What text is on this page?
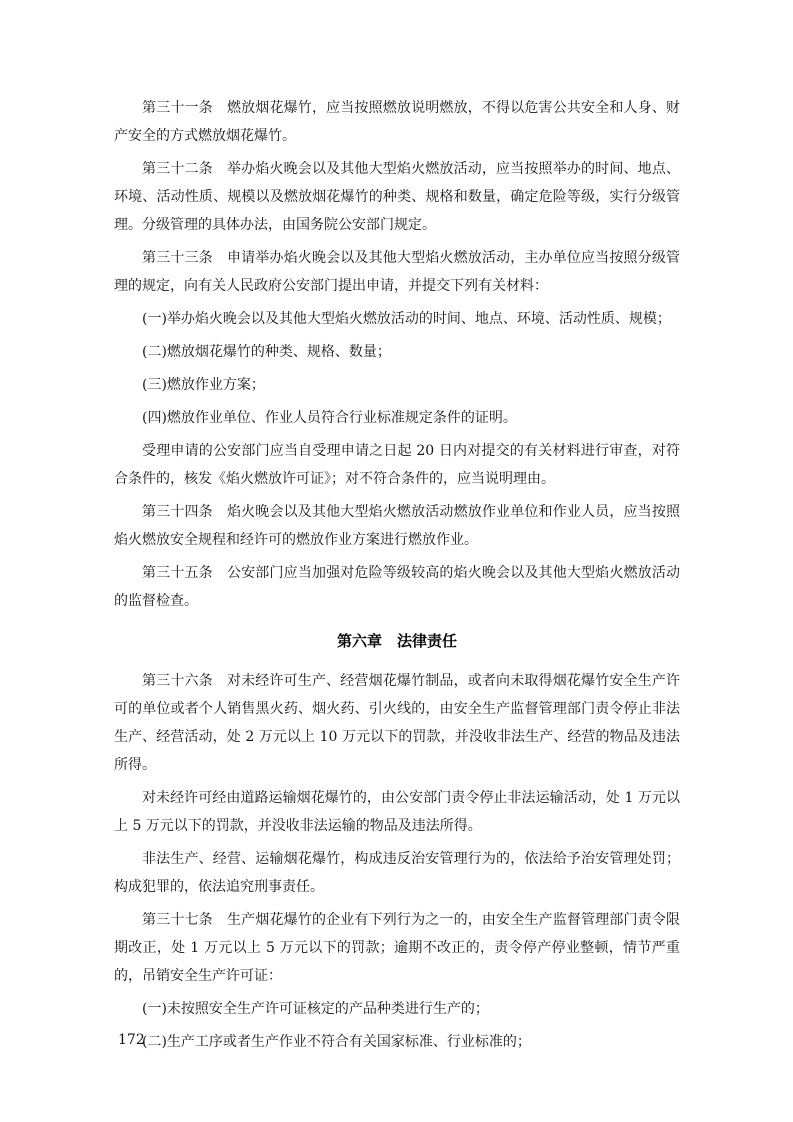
第三十一条　燃放烟花爆竹，应当按照燃放说明燃放，不得以危害公共安全和人身、财产安全的方式燃放烟花爆竹。

第三十二条　举办焰火晚会以及其他大型焰火燃放活动，应当按照举办的时间、地点、环境、活动性质、规模以及燃放烟花爆竹的种类、规格和数量，确定危险等级，实行分级管理。分级管理的具体办法，由国务院公安部门规定。

第三十三条　申请举办焰火晚会以及其他大型焰火燃放活动，主办单位应当按照分级管理的规定，向有关人民政府公安部门提出申请，并提交下列有关材料：

(一)举办焰火晚会以及其他大型焰火燃放活动的时间、地点、环境、活动性质、规模；

(二)燃放烟花爆竹的种类、规格、数量；

(三)燃放作业方案；

(四)燃放作业单位、作业人员符合行业标准规定条件的证明。

受理申请的公安部门应当自受理申请之日起 20 日内对提交的有关材料进行审查，对符合条件的，核发《焰火燃放许可证》；对不符合条件的，应当说明理由。

第三十四条　焰火晚会以及其他大型焰火燃放活动燃放作业单位和作业人员，应当按照焰火燃放安全规程和经许可的燃放作业方案进行燃放作业。

第三十五条　公安部门应当加强对危险等级较高的焰火晚会以及其他大型焰火燃放活动的监督检查。

第六章　法律责任

第三十六条　对未经许可生产、经营烟花爆竹制品，或者向未取得烟花爆竹安全生产许可的单位或者个人销售黑火药、烟火药、引火线的，由安全生产监督管理部门责令停止非法生产、经营活动，处 2 万元以上 10 万元以下的罚款，并没收非法生产、经营的物品及违法所得。

对未经许可经由道路运输烟花爆竹的，由公安部门责令停止非法运输活动，处 1 万元以上 5 万元以下的罚款，并没收非法运输的物品及违法所得。

非法生产、经营、运输烟花爆竹，构成违反治安管理行为的，依法给予治安管理处罚；构成犯罪的，依法追究刑事责任。

第三十七条　生产烟花爆竹的企业有下列行为之一的，由安全生产监督管理部门责令限期改正，处 1 万元以上 5 万元以下的罚款；逾期不改正的，责令停产停业整顿，情节严重的，吊销安全生产许可证：

(一)未按照安全生产许可证核定的产品种类进行生产的；

(二)生产工序或者生产作业不符合有关国家标准、行业标准的；

172
